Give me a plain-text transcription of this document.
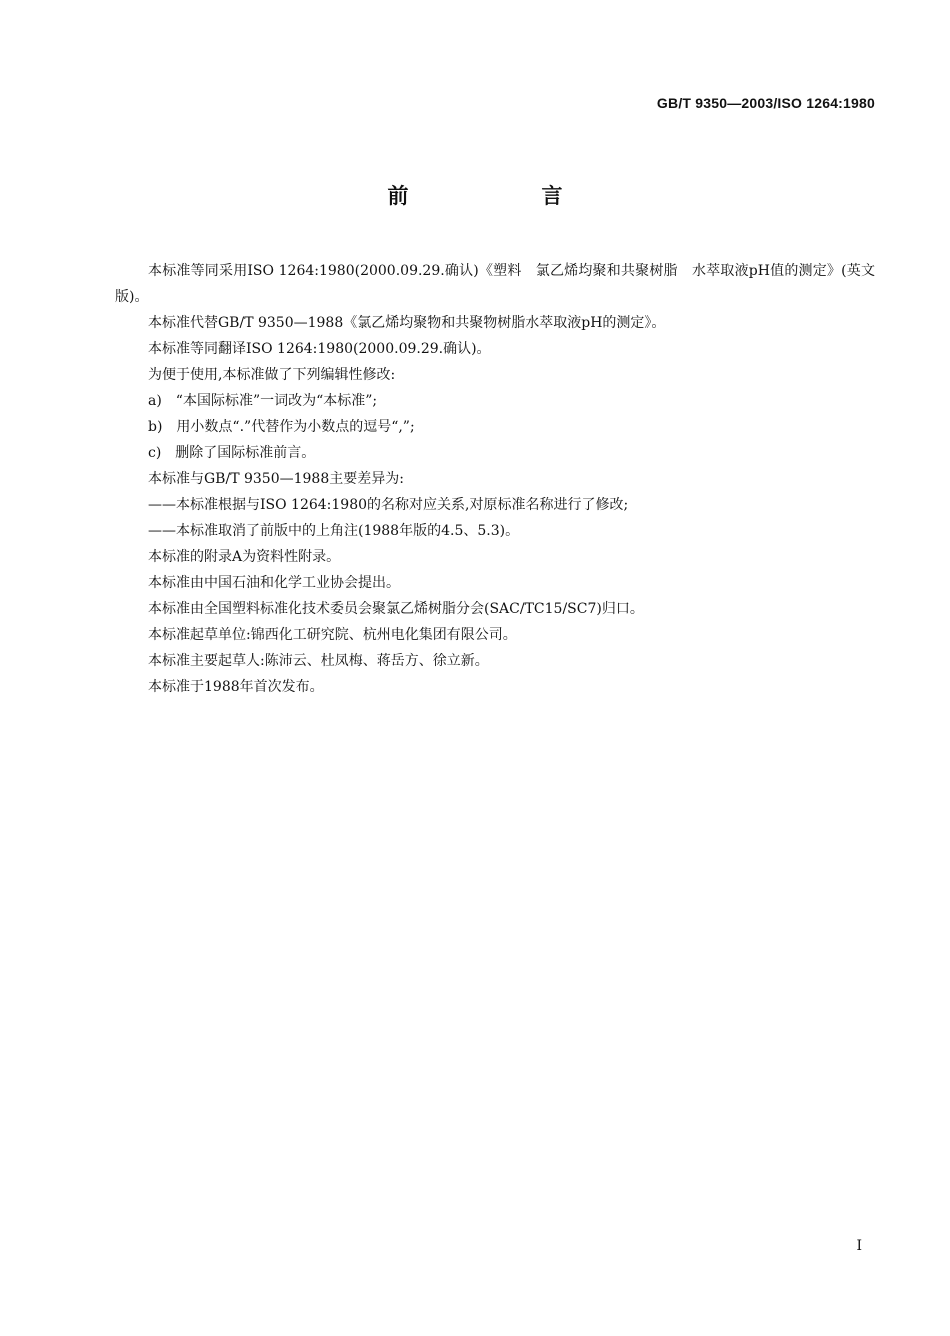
GB/T 9350—2003/ISO 1264:1980
前　言

本标准等同采用ISO 1264:1980(2000.09.29.确认)《塑料　氯乙烯均聚和共聚树脂　水萃取液pH值的测定》(英文版)。

本标准代替GB/T 9350—1988《氯乙烯均聚物和共聚物树脂水萃取液pH的测定》。

本标准等同翻译ISO 1264:1980(2000.09.29.确认)。

为便于使用,本标准做了下列编辑性修改:

a)　“本国际标准”一词改为“本标准”;

b)　用小数点“.”代替作为小数点的逗号“,”;

c)　删除了国际标准前言。

本标准与GB/T 9350—1988主要差异为:

——本标准根据与ISO 1264:1980的名称对应关系,对原标准名称进行了修改;

——本标准取消了前版中的上角注(1988年版的4.5、5.3)。

本标准的附录A为资料性附录。

本标准由中国石油和化学工业协会提出。

本标准由全国塑料标准化技术委员会聚氯乙烯树脂分会(SAC/TC15/SC7)归口。

本标准起草单位:锦西化工研究院、杭州电化集团有限公司。

本标准主要起草人:陈沛云、杜凤梅、蒋岳方、徐立新。

本标准于1988年首次发布。

I
